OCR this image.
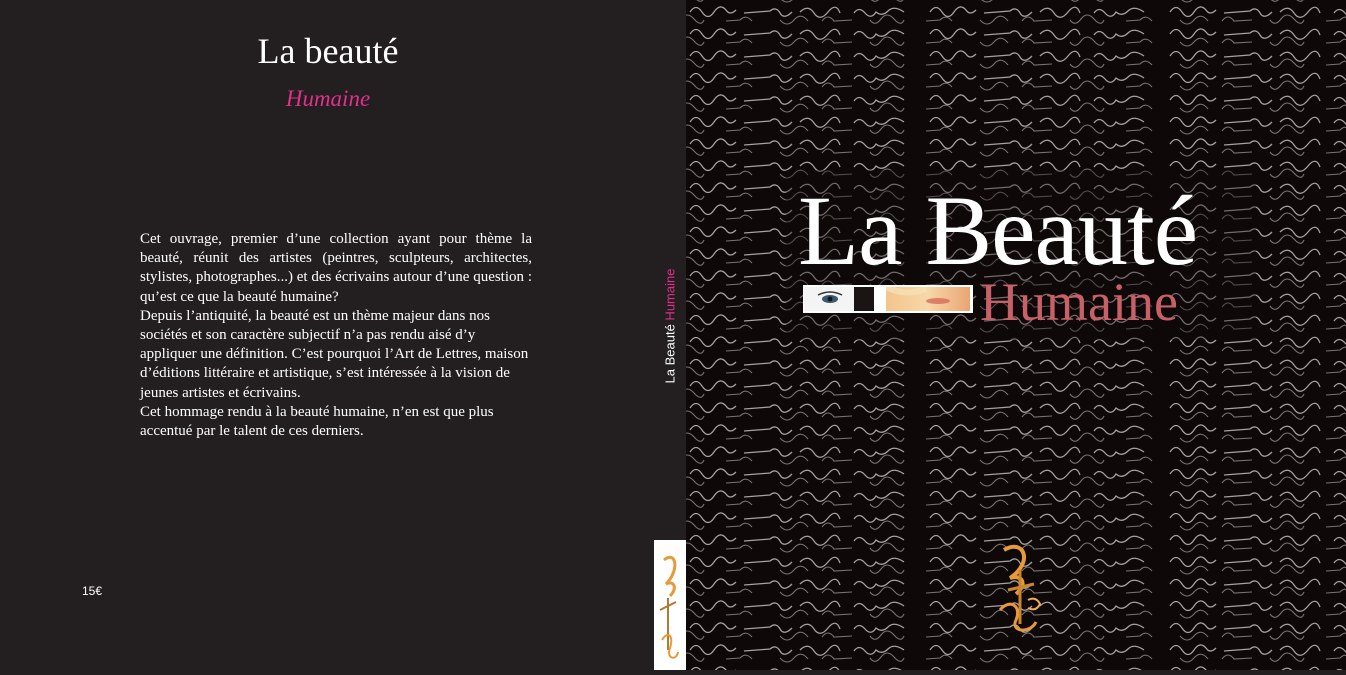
La beauté
Humaine

Cet ouvrage, premier d’une collection ayant pour thème la beauté, réunit des artistes (peintres, sculpteurs, architectes, stylistes, photographes...) et des écrivains autour d’une question : qu’est ce que la beauté humaine?

Depuis l’antiquité, la beauté est un thème majeur dans nos sociétés et son caractère subjectif n’a pas rendu aisé d’y appliquer une définition. C’est pourquoi l’Art de Lettres, maison d’éditions littéraire et artistique, s’est intéressée à la vision de jeunes artistes et écrivains.

Cet hommage rendu à la beauté humaine, n’en est que plus accentué par le talent de ces derniers.

15€
La Beauté Humaine
La Beauté
Humaine
